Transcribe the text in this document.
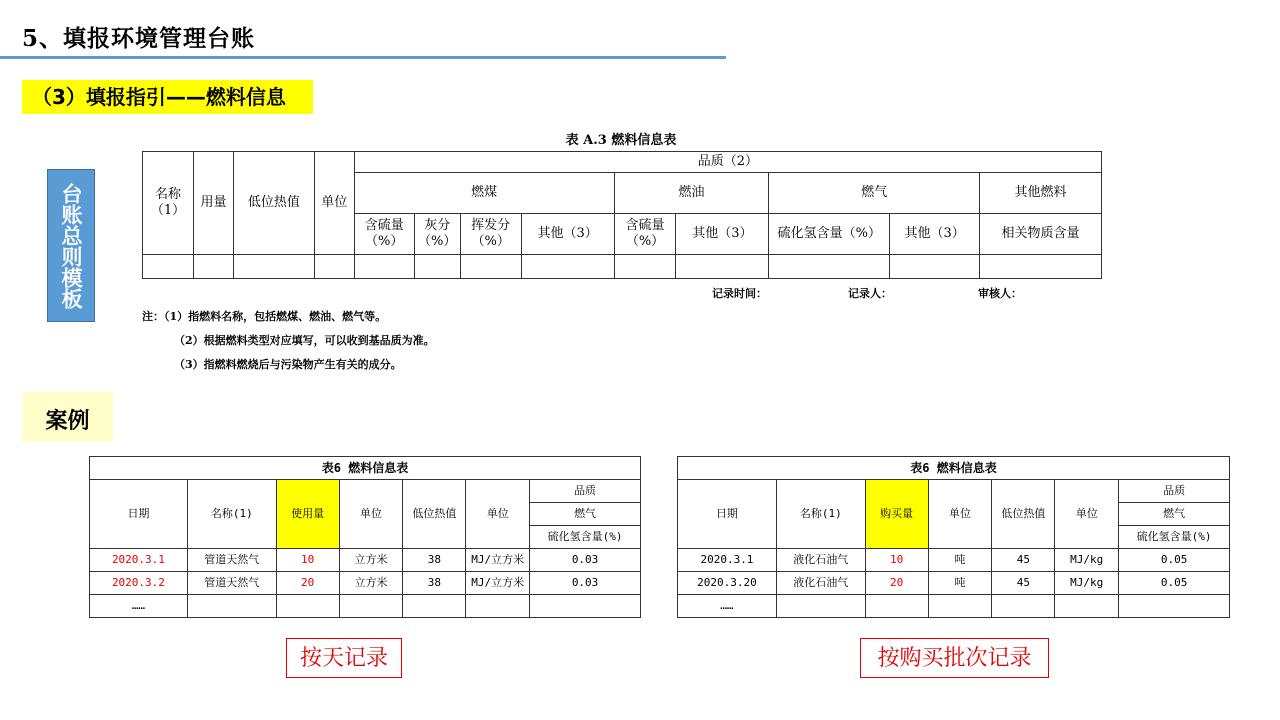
5、填报环境管理台账
（3）填报指引——燃料信息
台账总则模板
表 A.3 燃料信息表
名称（1）	用量	低位热值	单位	品质（2）								
				燃煤				燃油		燃气		其他燃料
				含硫量（%）	灰分（%）	挥发分（%）	其他（3）	含硫量（%）	其他（3）	硫化氢含量（%）	其他（3）	相关物质含量

记录时间：	记录人：	审核人：
注：（1）指燃料名称，包括燃煤、燃油、燃气等。
（2）根据燃料类型对应填写，可以收到基品质为准。
（3）指燃料燃烧后与污染物产生有关的成分。
案例
表6 燃料信息表						
日期	名称(1)	使用量	单位	低位热值	单位	品质
						燃气
						硫化氢含量(%)
2020.3.1	管道天然气	10	立方米	38	MJ/立方米	0.03
2020.3.2	管道天然气	20	立方米	38	MJ/立方米	0.03
……						
表6 燃料信息表						
日期	名称(1)	购买量	单位	低位热值	单位	品质
						燃气
						硫化氢含量(%)
2020.3.1	液化石油气	10	吨	45	MJ/kg	0.05
2020.3.20	液化石油气	20	吨	45	MJ/kg	0.05
……						
按天记录	按购买批次记录
